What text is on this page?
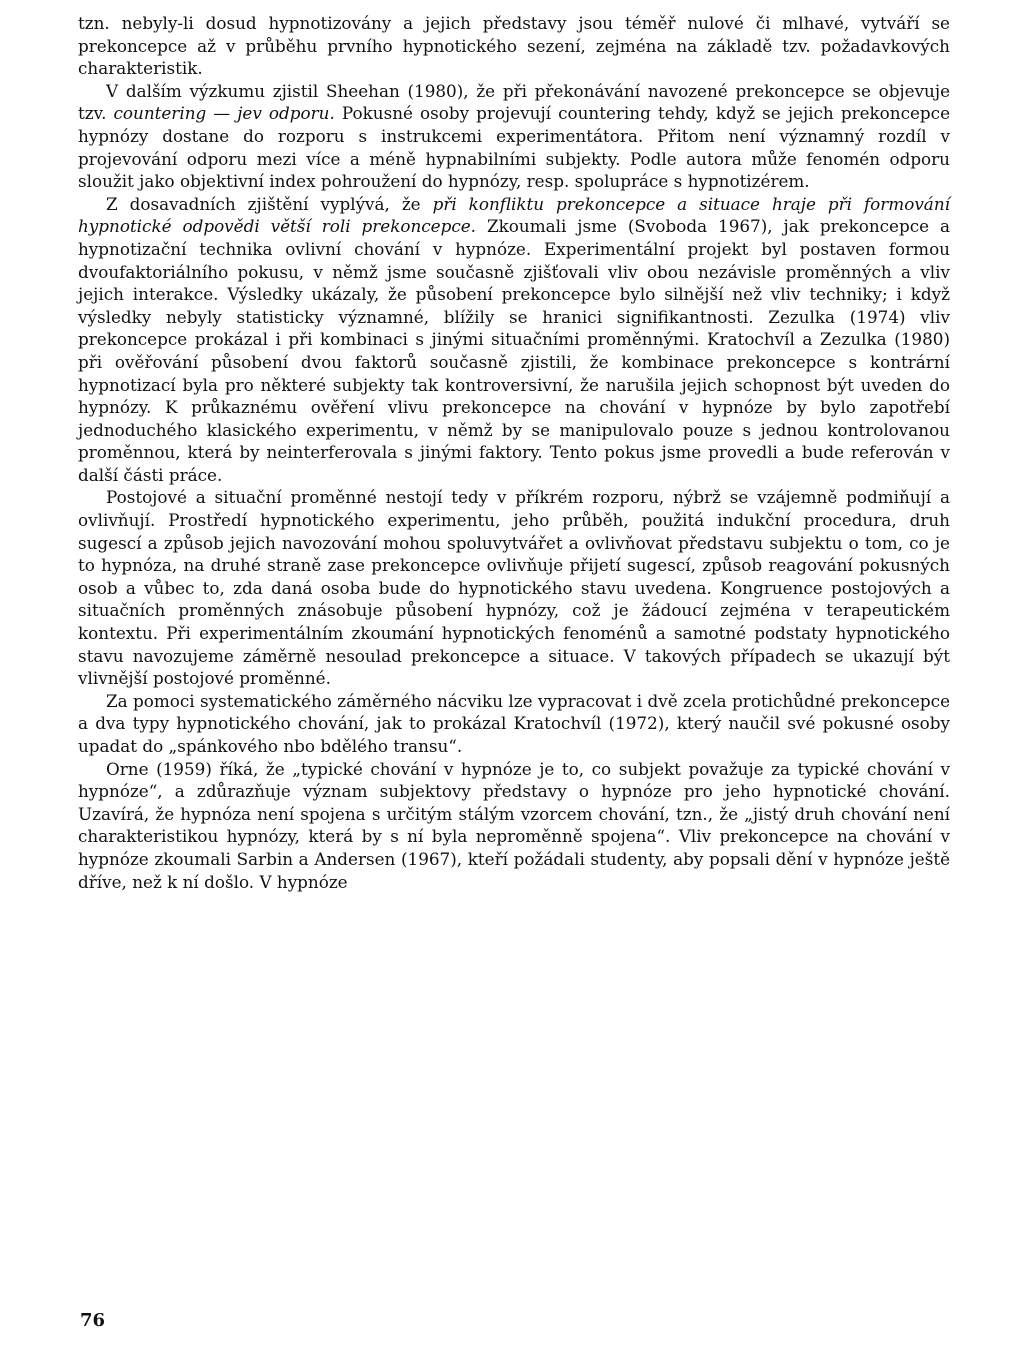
tzn. nebyly-li dosud hypnotizovány a jejich představy jsou téměř nulové či mlhavé, vytváří se prekoncepce až v průběhu prvního hypnotického sezení, zejména na základě tzv. požadavkových charakteristik.

V dalším výzkumu zjistil Sheehan (1980), že při překonávání navozené prekoncepce se objevuje tzv. countering — jev odporu. Pokusné osoby projevují countering tehdy, když se jejich prekoncepce hypnózy dostane do rozporu s instrukcemi experimentátora. Přitom není významný rozdíl v projevování odporu mezi více a méně hypnabilními subjekty. Podle autora může fenomén odporu sloužit jako objektivní index pohroužení do hypnózy, resp. spolupráce s hypnotizérem.

Z dosavadních zjištění vyplývá, že při konfliktu prekoncepce a situace hraje při formování hypnotické odpovědi větší roli prekoncepce. Zkoumali jsme (Svoboda 1967), jak prekoncepce a hypnotizační technika ovlivní chování v hypnóze. Experimentální projekt byl postaven formou dvoufaktoriálního pokusu, v němž jsme současně zjišťovali vliv obou nezávisle proměnných a vliv jejich interakce. Výsledky ukázaly, že působení prekoncepce bylo silnější než vliv techniky; i když výsledky nebyly statisticky významné, blížily se hranici signifikantnosti. Zezulka (1974) vliv prekoncepce prokázal i při kombinaci s jinými situačními proměnnými. Kratochvíl a Zezulka (1980) při ověřování působení dvou faktorů současně zjistili, že kombinace prekoncepce s kontrární hypnotizací byla pro některé subjekty tak kontroversivní, že narušila jejich schopnost být uveden do hypnózy. K průkaznému ověření vlivu prekoncepce na chování v hypnóze by bylo zapotřebí jednoduchého klasického experimentu, v němž by se manipulovalo pouze s jednou kontrolovanou proměnnou, která by neinterferovala s jinými faktory. Tento pokus jsme provedli a bude referován v další části práce.

Postojové a situační proměnné nestojí tedy v příkrém rozporu, nýbrž se vzájemně podmiňují a ovlivňují. Prostředí hypnotického experimentu, jeho průběh, použitá indukční procedura, druh sugescí a způsob jejich navozování mohou spoluvytvářet a ovlivňovat představu subjektu o tom, co je to hypnóza, na druhé straně zase prekoncepce ovlivňuje přijetí sugescí, způsob reagování pokusných osob a vůbec to, zda daná osoba bude do hypnotického stavu uvedena. Kongruence postojových a situačních proměnných znásobuje působení hypnózy, což je žádoucí zejména v terapeutickém kontextu. Při experimentálním zkoumání hypnotických fenoménů a samotné podstaty hypnotického stavu navozujeme záměrně nesoulad prekoncepce a situace. V takových případech se ukazují být vlivnější postojové proměnné.

Za pomoci systematického záměrného nácviku lze vypracovat i dvě zcela protichůdné prekoncepce a dva typy hypnotického chování, jak to prokázal Kratochvíl (1972), který naučil své pokusné osoby upadat do „spánkového nbo bdělého transu“.

Orne (1959) říká, že „typické chování v hypnóze je to, co subjekt považuje za typické chování v hypnóze“, a zdůrazňuje význam subjektovy představy o hypnóze pro jeho hypnotické chování. Uzavírá, že hypnóza není spojena s určitým stálým vzorcem chování, tzn., že „jistý druh chování není charakteristikou hypnózy, která by s ní byla neproměnně spojena“. Vliv prekoncepce na chování v hypnóze zkoumali Sarbin a Andersen (1967), kteří požádali studenty, aby popsali dění v hypnóze ještě dříve, než k ní došlo. V hypnóze

76
